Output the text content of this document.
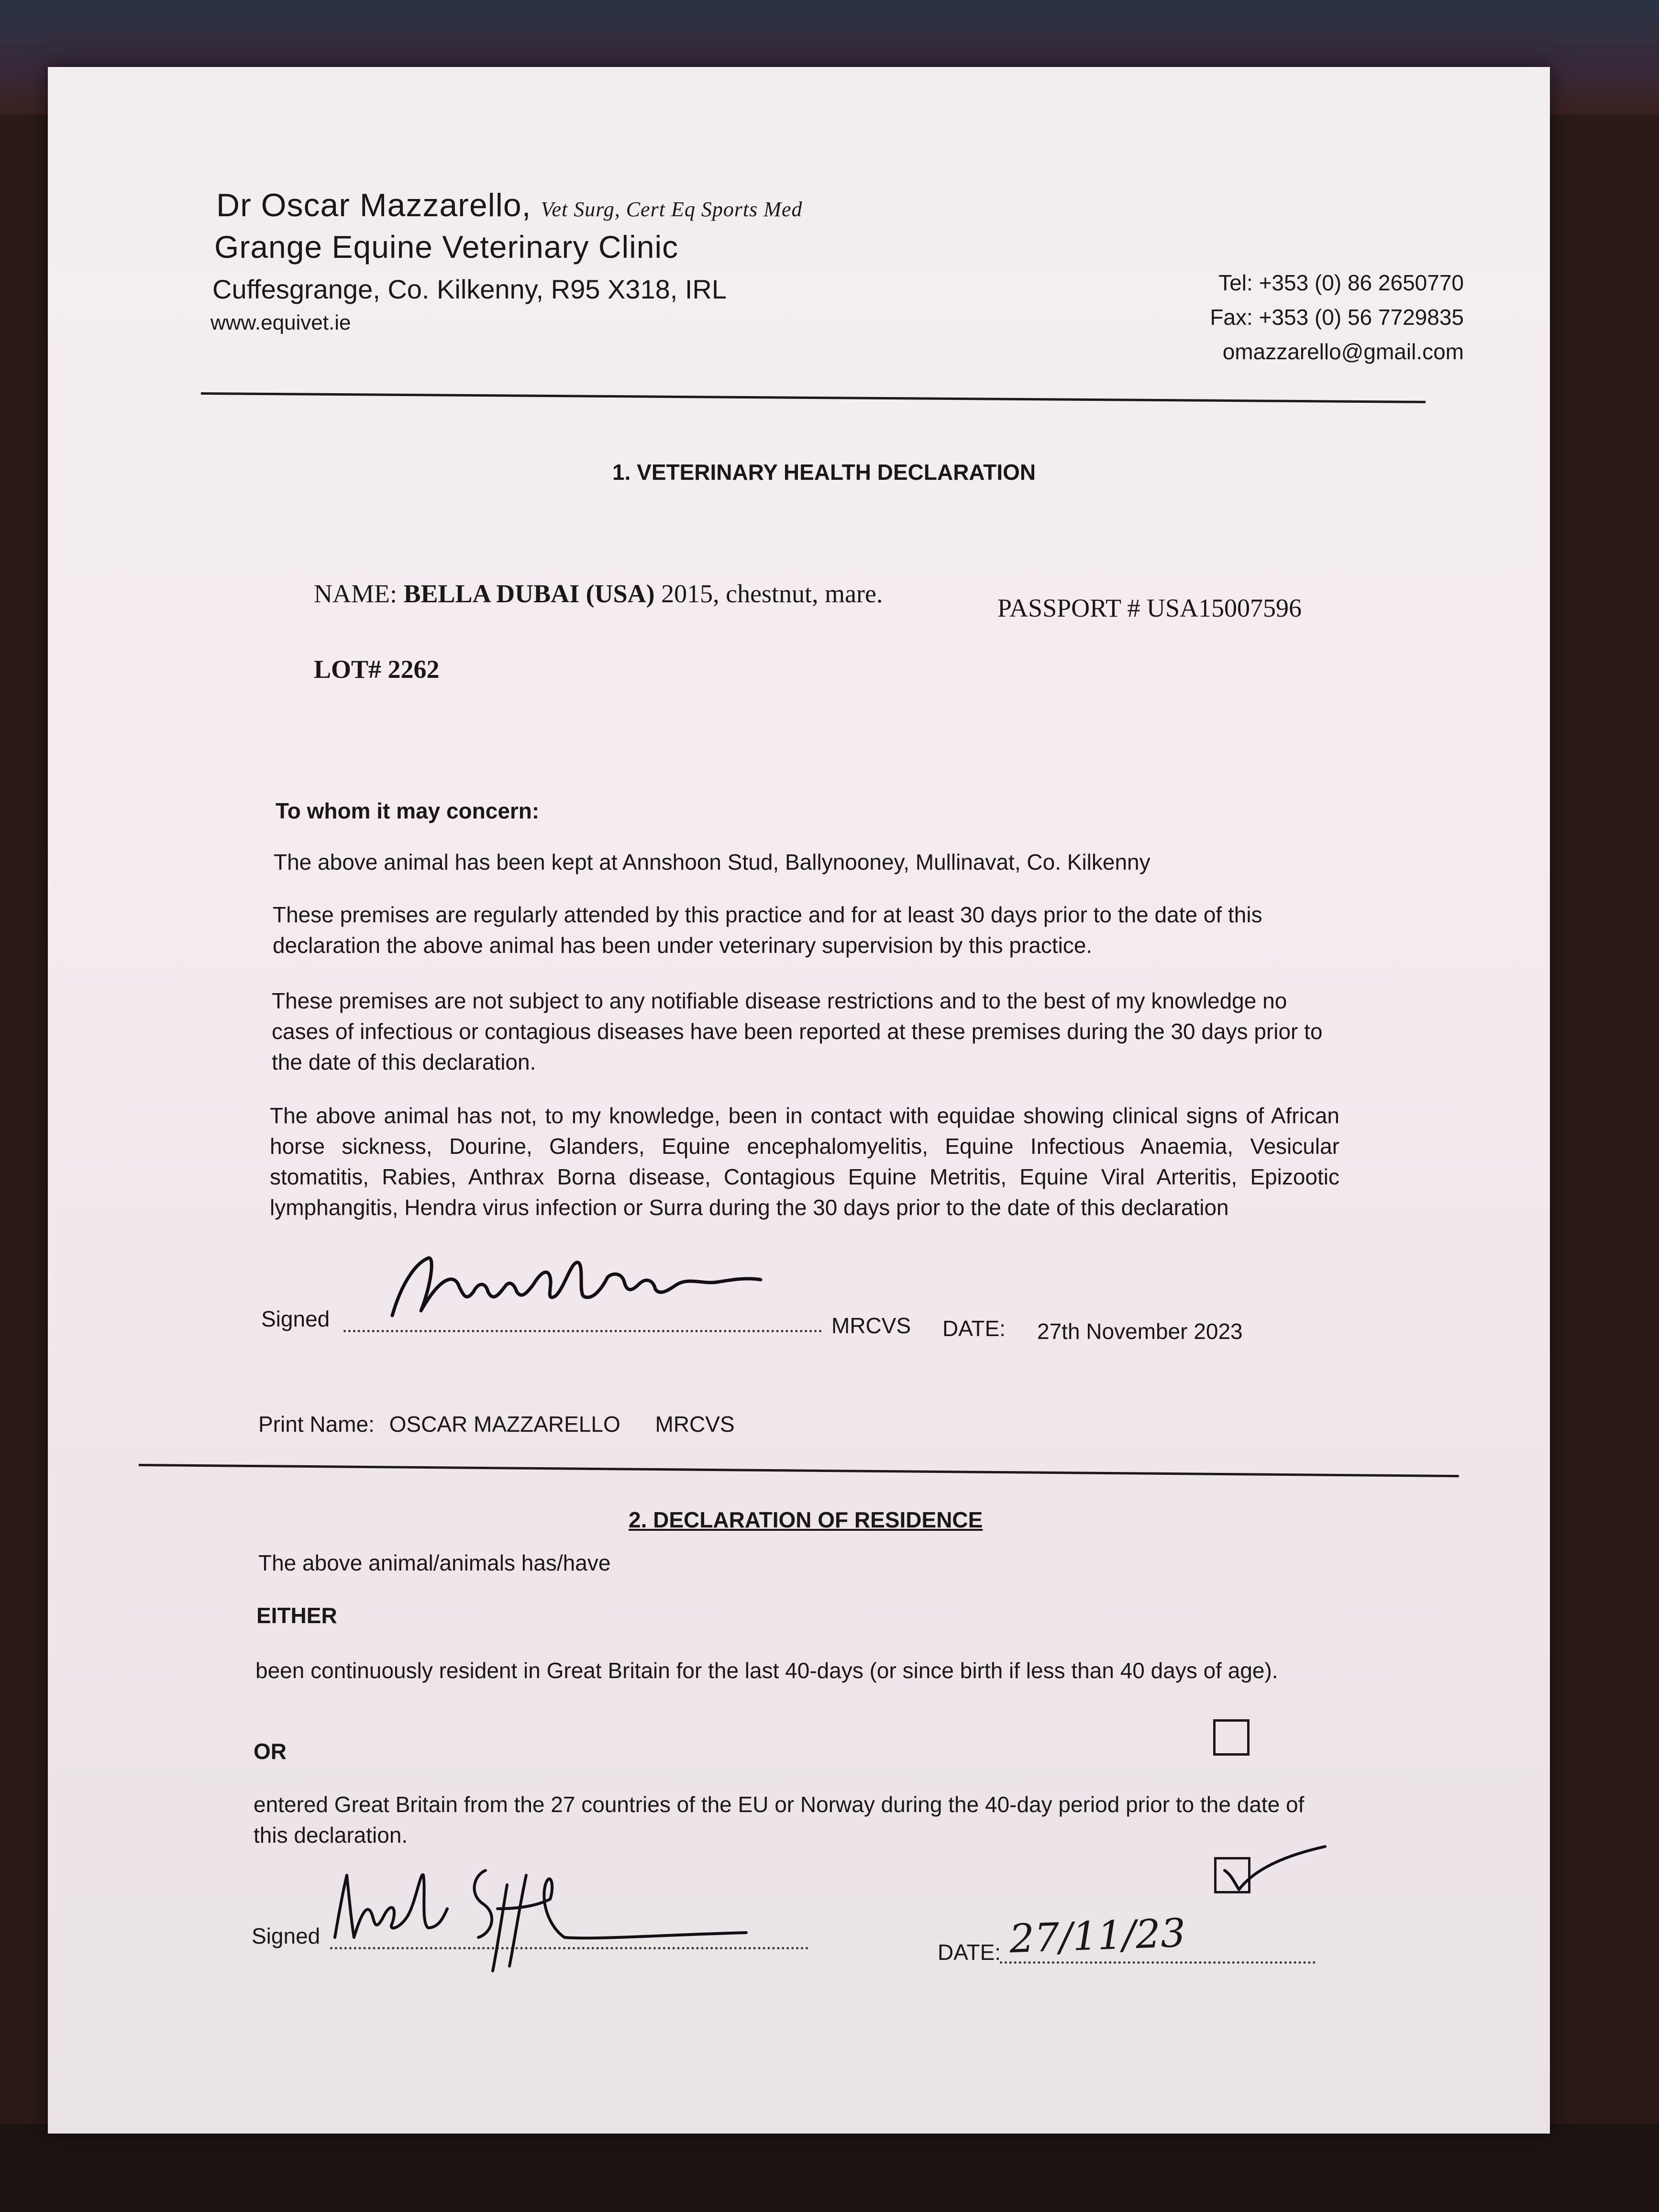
Dr Oscar Mazzarello, Vet Surg, Cert Eq Sports Med
Grange Equine Veterinary Clinic
Cuffesgrange, Co. Kilkenny, R95 X318, IRL
www.equivet.ie
Tel: +353 (0) 86 2650770
Fax: +353 (0) 56 7729835
omazzarello@gmail.com
1. VETERINARY HEALTH DECLARATION
NAME: BELLA DUBAI (USA) 2015, chestnut, mare.	PASSPORT # USA15007596
LOT# 2262
To whom it may concern:
The above animal has been kept at Annshoon Stud, Ballynooney, Mullinavat, Co. Kilkenny
These premises are regularly attended by this practice and for at least 30 days prior to the date of this declaration the above animal has been under veterinary supervision by this practice.
These premises are not subject to any notifiable disease restrictions and to the best of my knowledge no cases of infectious or contagious diseases have been reported at these premises during the 30 days prior to the date of this declaration.
The above animal has not, to my knowledge, been in contact with equidae showing clinical signs of African horse sickness, Dourine, Glanders, Equine encephalomyelitis, Equine Infectious Anaemia, Vesicular stomatitis, Rabies, Anthrax Borna disease, Contagious Equine Metritis, Equine Viral Arteritis, Epizootic lymphangitis, Hendra virus infection or Surra during the 30 days prior to the date of this declaration
Signed	MRCVS DATE: 27th November 2023
Print Name: OSCAR MAZZARELLO MRCVS
2. DECLARATION OF RESIDENCE
The above animal/animals has/have
EITHER
been continuously resident in Great Britain for the last 40-days (or since birth if less than 40 days of age).
OR
entered Great Britain from the 27 countries of the EU or Norway during the 40-day period prior to the date of this declaration.
Signed
DATE: 27/11/23
